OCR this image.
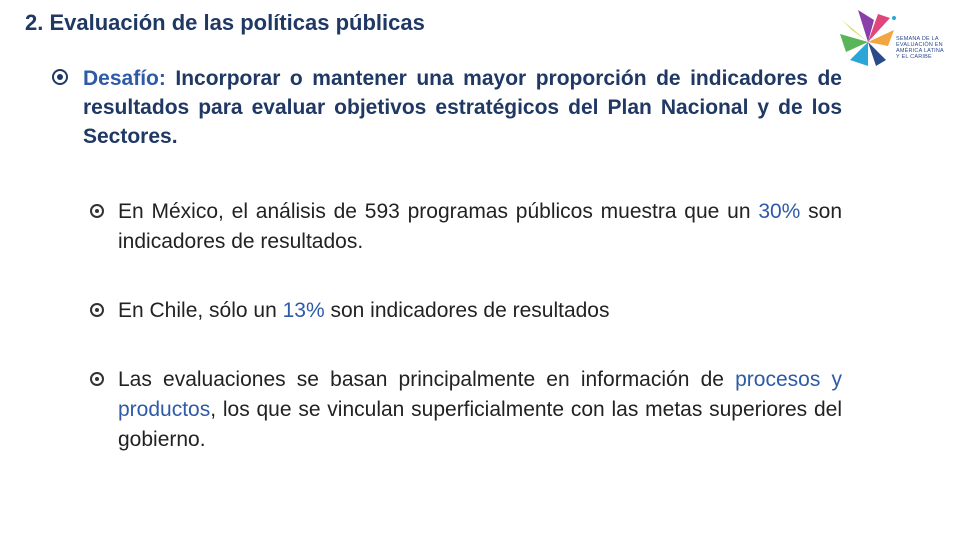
2. Evaluación de las políticas públicas
SEMANA DE LA
EVALUACIÓN EN
AMÉRICA LATINA
Y EL CARIBE
Desafío: Incorporar o mantener una mayor proporción de indicadores de resultados para evaluar objetivos estratégicos del Plan Nacional y de los Sectores.
En México, el análisis de 593 programas públicos muestra que un 30% son indicadores de resultados.
En Chile, sólo un 13% son indicadores de resultados
Las evaluaciones se basan principalmente en información de procesos y productos, los que se vinculan superficialmente con las metas superiores del gobierno.
